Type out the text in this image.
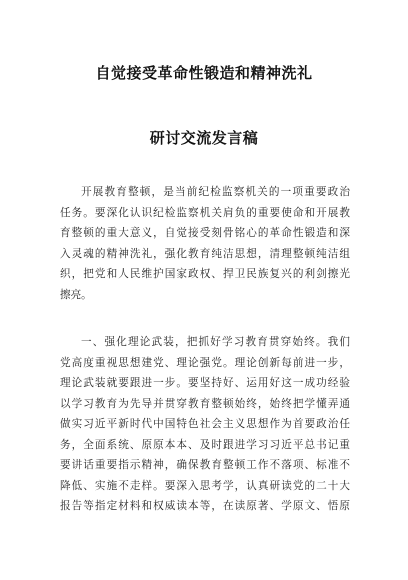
自觉接受革命性锻造和精神洗礼
研讨交流发言稿
开展教育整顿，是当前纪检监察机关的一项重要政治
任务。要深化认识纪检监察机关肩负的重要使命和开展教
育整顿的重大意义，自觉接受刻骨铭心的革命性锻造和深
入灵魂的精神洗礼，强化教育纯洁思想，清理整顿纯洁组
织，把党和人民维护国家政权、捍卫民族复兴的利剑擦光
擦亮。
一、强化理论武装，把抓好学习教育贯穿始终。我们
党高度重视思想建党、理论强党。理论创新每前进一步，
理论武装就要跟进一步。要坚持好、运用好这一成功经验
以学习教育为先导并贯穿教育整顿始终，始终把学懂弄通
做实习近平新时代中国特色社会主义思想作为首要政治任
务，全面系统、原原本本、及时跟进学习习近平总书记重
要讲话重要指示精神，确保教育整顿工作不落项、标准不
降低、实施不走样。要深入思考学，认真研读党的二十大
报告等指定材料和权威读本等，在读原著、学原文、悟原
